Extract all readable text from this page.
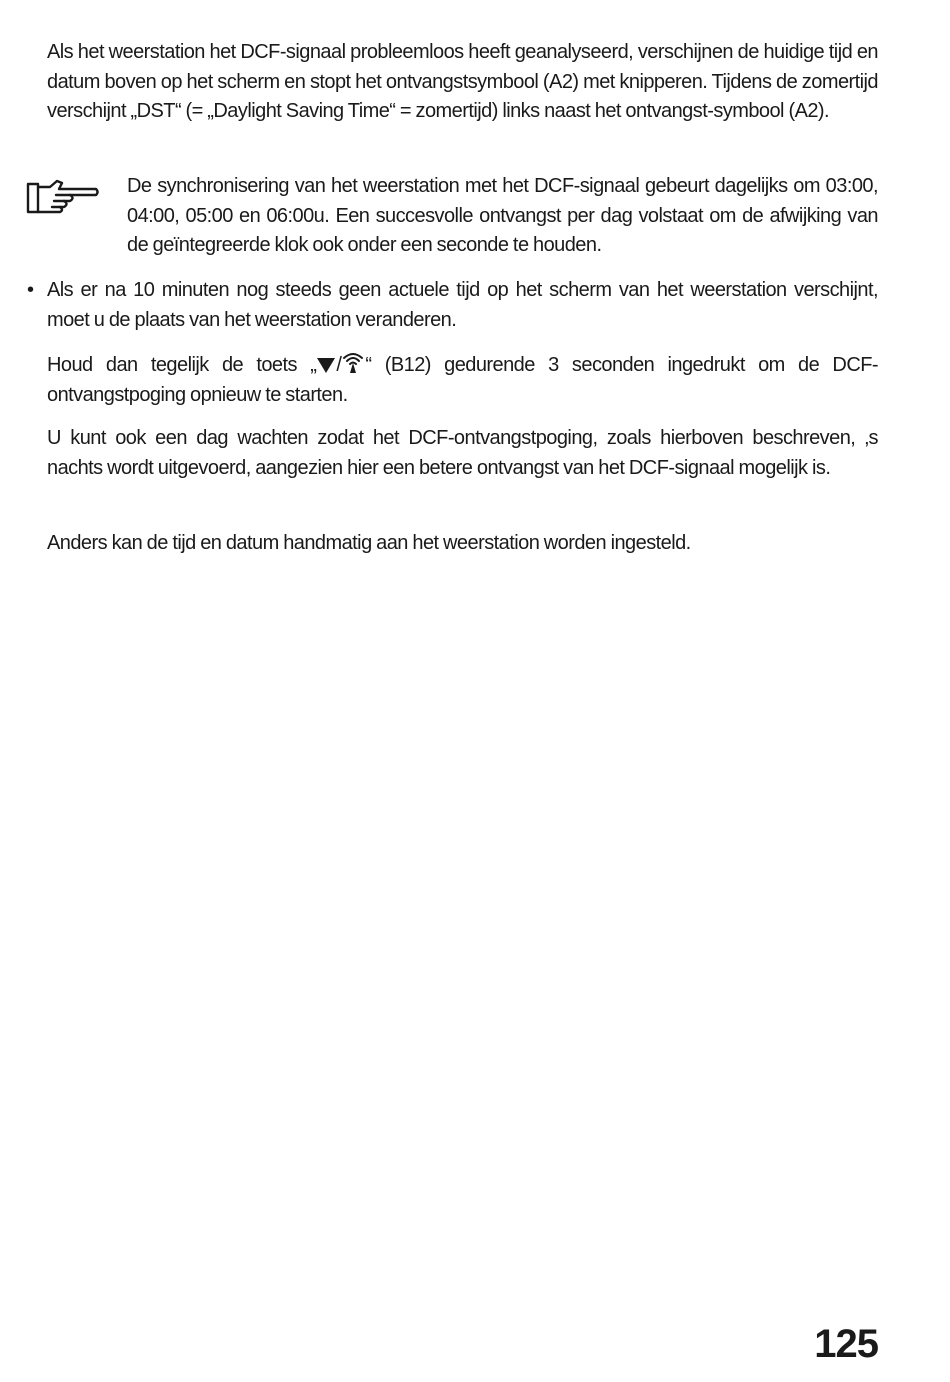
Als het weerstation het DCF-signaal probleemloos heeft geanalyseerd, verschijnen de huidige tijd en datum boven op het scherm en stopt het ontvangstsymbool (A2) met knipperen. Tijdens de zomertijd verschijnt „DST“ (= „Daylight Saving Time“ = zomertijd) links naast het ontvangst-symbool (A2).

De synchronisering van het weerstation met het DCF-signaal gebeurt dagelijks om 03:00, 04:00, 05:00 en 06:00u. Een succesvolle ontvangst per dag volstaat om de afwijking van de geïntegreerde klok ook onder een seconde te houden.

• Als er na 10 minuten nog steeds geen actuele tijd op het scherm van het weerstation verschijnt, moet u de plaats van het weerstation veranderen.

Houd dan tegelijk de toets „ / “ (B12) gedurende 3 seconden ingedrukt om de DCF-ontvangstpoging opnieuw te starten.

U kunt ook een dag wachten zodat het DCF-ontvangstpoging, zoals hierboven beschreven, ‚s nachts wordt uitgevoerd, aangezien hier een betere ontvangst van het DCF-signaal mogelijk is.

Anders kan de tijd en datum handmatig aan het weerstation worden ingesteld.

125
